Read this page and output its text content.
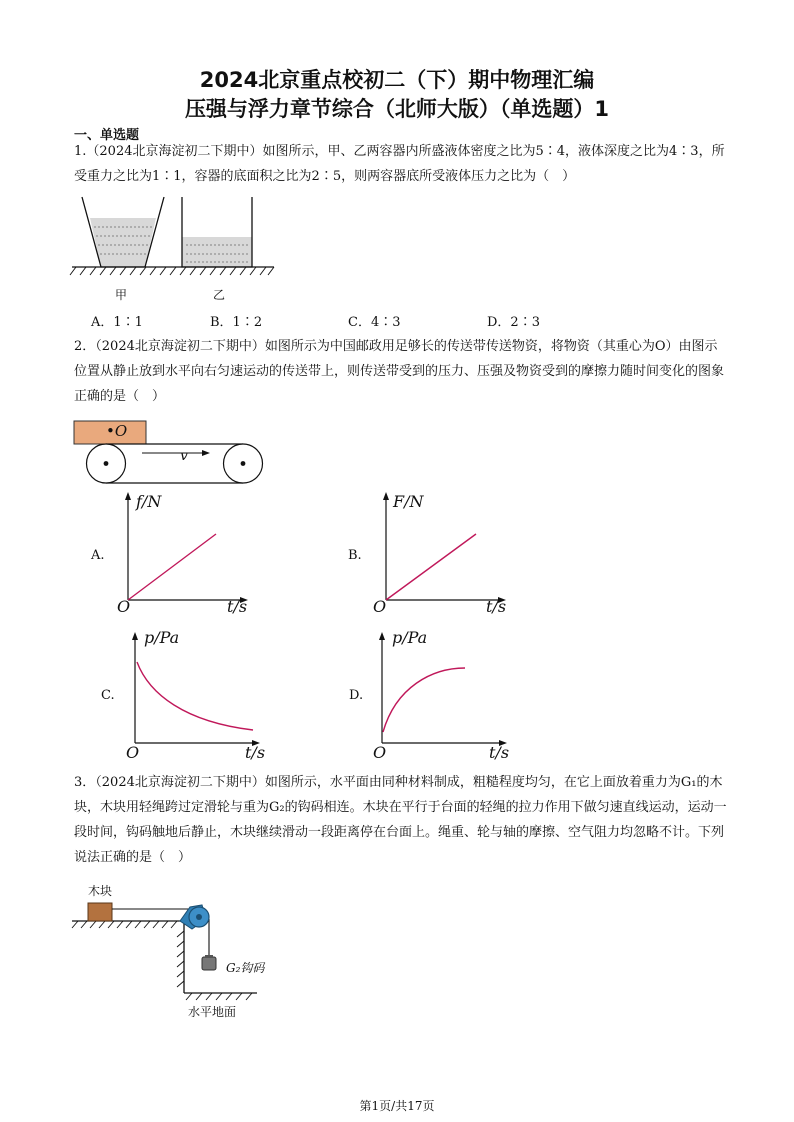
2024北京重点校初二（下）期中物理汇编
压强与浮力章节综合（北师大版）（单选题）1
一、单选题

1.（2024北京海淀初二下期中）如图所示，甲、乙两容器内所盛液体密度之比为5∶4，液体深度之比为4∶3，所受重力之比为1∶1，容器的底面积之比为2∶5，则两容器底所受液体压力之比为（　）

甲	乙
A．1∶1	B．1∶2	C．4∶3	D．2∶3

2．（2024北京海淀初二下期中）如图所示为中国邮政用足够长的传送带传送物资，将物资（其重心为O）由图示位置从静止放到水平向右匀速运动的传送带上，则传送带受到的压力、压强及物资受到的摩擦力随时间变化的图象正确的是（　）

•O
v
A.
f/N
O	t/s
B.
F/N
O	t/s
C.
p/Pa
O	t/s
D.
p/Pa
O	t/s

3．（2024北京海淀初二下期中）如图所示，水平面由同种材料制成，粗糙程度均匀，在它上面放着重力为G₁的木块，木块用轻绳跨过定滑轮与重为G₂的钩码相连。木块在平行于台面的轻绳的拉力作用下做匀速直线运动，运动一段时间，钩码触地后静止，木块继续滑动一段距离停在台面上。绳重、轮与轴的摩擦、空气阻力均忽略不计。下列说法正确的是（　）

木块
G₂钩码
水平地面
第1页/共17页
